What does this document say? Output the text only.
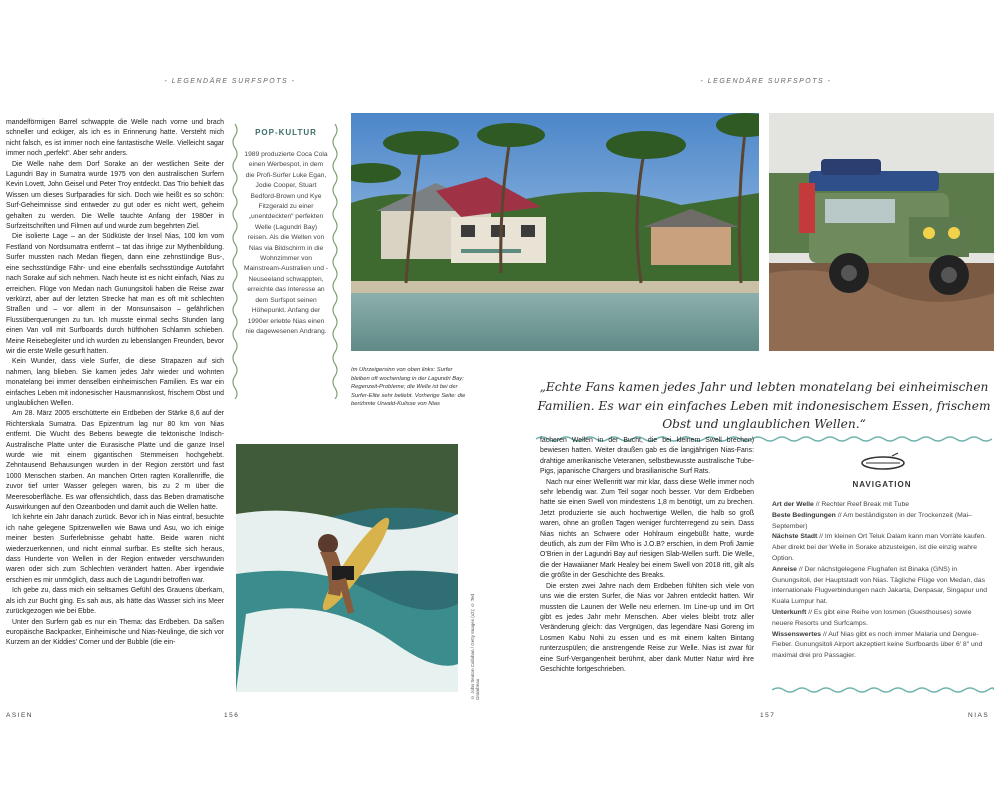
- LEGENDÄRE SURFSPOTS -	- LEGENDÄRE SURFSPOTS -

mandelförmigen Barrel schwappte die Welle nach vorne und brach schneller und eckiger, als ich es in Erinnerung hatte. Versteht mich nicht falsch, es ist immer noch eine fantastische Welle. Vielleicht sagar immer noch „perfekt“. Aber sehr anders.

Die Welle nahe dem Dorf Sorake an der westlichen Seite der Lagundri Bay in Sumatra wurde 1975 von den australischen Surfern Kevin Lovett, John Geisel und Peter Troy entdeckt. Das Trio behielt das Wissen um dieses Surfparadies für sich. Doch wie heißt es so schön: Surf-Geheimnisse sind entweder zu gut oder es nicht wert, geheim gehalten zu werden. Die Welle tauchte Anfang der 1980er in Surfzeitschriften und Filmen auf und wurde zum begehrten Ziel.

Die isolierte Lage – an der Südküste der Insel Nias, 100 km vom Festland von Nordsumatra entfernt – tat das ihrige zur Mythenbildung. Surfer mussten nach Medan fliegen, dann eine zehnstündige Bus-, eine sechsstündige Fähr- und eine ebenfalls sechsstündige Autofahrt nach Sorake auf sich nehmen. Nach heute ist es nicht einfach, Nias zu erreichen. Flüge von Medan nach Gunungsitoli haben die Reise zwar verkürzt, aber auf der letzten Strecke hat man es oft mit schlechten Straßen und – vor allem in der Monsunsaison – gefährlichen Flussüberquerungen zu tun. Ich musste einmal sechs Stunden lang einen Van voll mit Surfboards durch hüfthohen Schlamm schieben. Meine Reisebegleiter und ich wurden zu lebenslangen Freunden, bevor wir die erste Welle gesurft hatten.

Kein Wunder, dass viele Surfer, die diese Strapazen auf sich nahmen, lang blieben. Sie kamen jedes Jahr wieder und wohnten monatelang bei immer denselben einheimischen Familien. Es war ein einfaches Leben mit indonesischer Hausmannskost, frischem Obst und unglaublichen Wellen.

Am 28. März 2005 erschütterte ein Erdbeben der Stärke 8,6 auf der Richterskala Sumatra. Das Epizentrum lag nur 80 km von Nias entfernt. Die Wucht des Bebens bewegte die tektonische Indisch-Australische Platte unter die Eurasische Platte und die ganze Insel wurde wie mit einem gigantischen Stemmeisen hochgehebt. Zehntausend Behausungen wurden in der Region zerstört und fast 1000 Menschen starben. An manchen Orten ragten Korallenriffe, die zuvor tief unter Wasser gelegen waren, bis zu 2 m über die Meeresoberfläche. Es war offensichtlich, dass das Beben dramatische Auswirkungen auf den Ozeanboden und damit auch die Wellen hatte.

Ich kehrte ein Jahr danach zurück. Bevor ich in Nias eintraf, besuchte ich nahe gelegene Spitzenwellen wie Bawa und Asu, wo ich einige meiner besten Surferlebnisse gehabt hatte. Beide waren nicht wiederzuerkennen, und nicht einmal surfbar. Es stellte sich heraus, dass Hunderte von Wellen in der Region entweder verschwunden waren oder sich zum Schlechten verändert hatten. Aber irgendwie erschien es mir unmöglich, dass auch die Lagundri betroffen war.

Ich gebe zu, dass mich ein seltsames Gefühl des Grauens überkam, als ich zur Bucht ging. Es sah aus, als hätte das Wasser sich ins Meer zurückgezogen wie bei Ebbe.

Unter den Surfern gab es nur ein Thema: das Erdbeben. Da saßen europäische Backpacker, Einheimische und Nias-Neulinge, die sich vor Kurzem an der Kiddies’ Corner und der Bubble (die ein-

POP-KULTUR
1989 produzierte Coca Cola einen Werbespot, in dem die Profi-Surfer Luke Egan, Jodie Cooper, Stuart Bedford-Brown und Kye Fitzgerald zu einer „unentdeckten“ perfekten Welle (Lagundri Bay) reisen. Als die Wellen von Nias via Bildschirm in die Wohnzimmer von Mainstream-Australien und -Neuseeland schwappten, erreichte das Interesse an dem Surfspot seinen Höhepunkt. Anfang der 1990er erlebte Nias einen nie dagewesenen Andrang.
Im Uhrzeigersinn von oben links: Surfer bleiben oft wochenlang in der Lagundri Bay; Regenzeit-Probleme; die Welle ist bei der Surfer-Elite sehr beliebt. Vorherige Seite: die berühmte Urwald-Kulisse von Nias
© John Seaton Callahan / Getty Images (x2); © Ted Grambeau
„Echte Fans kamen jedes Jahr und lebten monatelang bei einheimischen Familien. Es war ein einfaches Leben mit indonesischem Essen, frischem Obst und unglaublichen Wellen.“

facheren Wellen in der Bucht, die bei kleinem Swell brechen) bewiesen hatten. Weiter draußen gab es die langjährigen Nias-Fans: drahtige amerikanische Veteranen, selbstbewusste australische Tube-Pigs, japanische Chargers und brasilianische Surf Rats.

Nach nur einer Wellenritt war mir klar, dass diese Welle immer noch sehr lebendig war. Zum Teil sogar noch besser. Vor dem Erdbeben hatte sie einen Swell von mindestens 1,8 m benötigt, um zu brechen. Jetzt produzierte sie auch hochwertige Wellen, die halb so groß waren, ohne an großen Tagen weniger furchterregend zu sein. Dass Nias nichts an Schwere oder Hohlraum eingebüßt hatte, wurde deutlich, als zum der Film Who is J.O.B? erschien, in dem Profi Jamie O’Brien in der Lagundri Bay auf riesigen Slab-Wellen surft. Die Welle, die der Hawaiianer Mark Healey bei einem Swell von 2018 ritt, gilt als die größte in der Geschichte des Breaks.

Die ersten zwei Jahre nach dem Erdbeben fühlten sich viele von uns wie die ersten Surfer, die Nias vor Jahren entdeckt hatten. Wir mussten die Launen der Welle neu erlernen. Im Line-up und im Ort gibt es jedes Jahr mehr Menschen. Aber vieles bleibt trotz aller Veränderung gleich: das Vergnügen, das legendäre Nasi Goreng im Losmen Kabu Nohi zu essen und es mit einem kalten Bintang runterzuspülen; die anstrengende Reise zur Welle. Nias ist zwar für eine Surf-Vergangenheit berühmt, aber dank Mutter Natur wird ihre Geschichte fortgeschrieben.

NAVIGATION
Art der Welle // Rechter Reef Break mit Tube
Beste Bedingungen // Am beständigsten in der Trockenzeit (Mai–September)
Nächste Stadt // Im kleinen Ort Teluk Dalam kann man Vorräte kaufen. Aber direkt bei der Welle in Sorake abzusteigen, ist die einzig wahre Option.
Anreise // Der nächstgelegene Flughafen ist Binaka (GNS) in Gunungsitoli, der Hauptstadt von Nias. Tägliche Flüge von Medan, das internationale Flugverbindungen nach Jakarta, Denpasar, Singapur und Kuala Lumpur hat.
Unterkunft // Es gibt eine Reihe von losmen (Guesthouses) sowie neuere Resorts und Surfcamps.
Wissenswertes // Auf Nias gibt es noch immer Malaria und Dengue-Fieber. Gunungsitoli Airport akzeptiert keine Surfboards über 6′ 8″ und maximal drei pro Passagier.
ASIEN	156	157	NIAS
